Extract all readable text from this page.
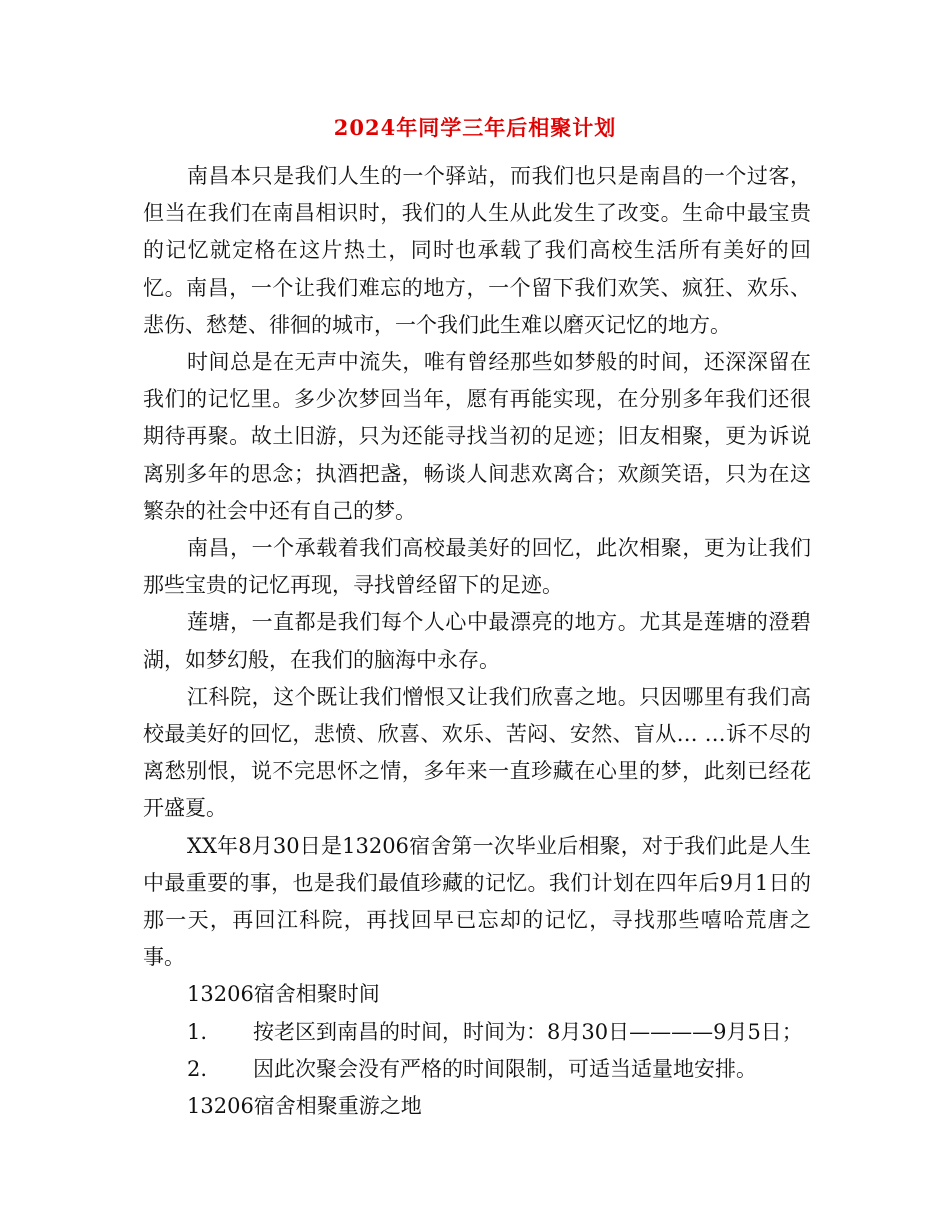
2024年同学三年后相聚计划

南昌本只是我们人生的一个驿站，而我们也只是南昌的一个过客，但当在我们在南昌相识时，我们的人生从此发生了改变。生命中最宝贵的记忆就定格在这片热土，同时也承载了我们高校生活所有美好的回忆。南昌，一个让我们难忘的地方，一个留下我们欢笑、疯狂、欢乐、悲伤、愁楚、徘徊的城市，一个我们此生难以磨灭记忆的地方。

时间总是在无声中流失，唯有曾经那些如梦般的时间，还深深留在我们的记忆里。多少次梦回当年，愿有再能实现，在分别多年我们还很期待再聚。故土旧游，只为还能寻找当初的足迹；旧友相聚，更为诉说离别多年的思念；执酒把盏，畅谈人间悲欢离合；欢颜笑语，只为在这繁杂的社会中还有自己的梦。

南昌，一个承载着我们高校最美好的回忆，此次相聚，更为让我们那些宝贵的记忆再现，寻找曾经留下的足迹。

莲塘，一直都是我们每个人心中最漂亮的地方。尤其是莲塘的澄碧湖，如梦幻般，在我们的脑海中永存。

江科院，这个既让我们憎恨又让我们欣喜之地。只因哪里有我们高校最美好的回忆，悲愤、欣喜、欢乐、苦闷、安然、盲从… …诉不尽的离愁别恨，说不完思怀之情，多年来一直珍藏在心里的梦，此刻已经花开盛夏。

XX年8月30日是13206宿舍第一次毕业后相聚，对于我们此是人生中最重要的事，也是我们最值珍藏的记忆。我们计划在四年后9月1日的那一天，再回江科院，再找回早已忘却的记忆，寻找那些嘻哈荒唐之事。

13206宿舍相聚时间

1.	按老区到南昌的时间，时间为：8月30日————9月5日；
2.	因此次聚会没有严格的时间限制，可适当适量地安排。

13206宿舍相聚重游之地
